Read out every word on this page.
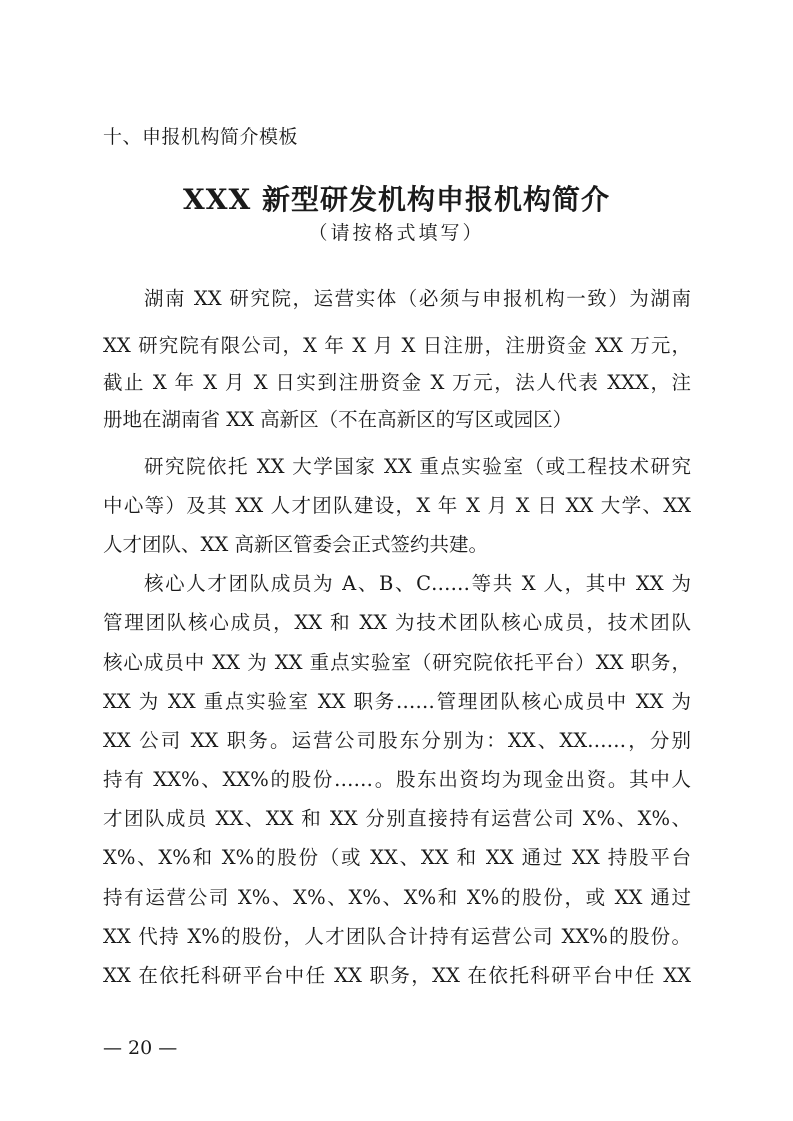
十、申报机构简介模板
XXX 新型研发机构申报机构简介
（请按格式填写）
湖南 XX 研究院，运营实体（必须与申报机构一致）为湖南
XX 研究院有限公司，X 年 X 月 X 日注册，注册资金 XX 万元，
截止 X 年 X 月 X 日实到注册资金 X 万元，法人代表 XXX，注
册地在湖南省 XX 高新区（不在高新区的写区或园区）
研究院依托 XX 大学国家 XX 重点实验室（或工程技术研究
中心等）及其 XX 人才团队建设，X 年 X 月 X 日 XX 大学、XX
人才团队、XX 高新区管委会正式签约共建。
核心人才团队成员为 A、B、C……等共 X 人，其中 XX 为
管理团队核心成员，XX 和 XX 为技术团队核心成员，技术团队
核心成员中 XX 为 XX 重点实验室（研究院依托平台）XX 职务，
XX 为 XX 重点实验室 XX 职务……管理团队核心成员中 XX 为
XX 公司 XX 职务。运营公司股东分别为：XX、XX……，分别
持有 XX%、XX%的股份……。股东出资均为现金出资。其中人
才团队成员 XX、XX 和 XX 分别直接持有运营公司 X%、X%、
X%、X%和 X%的股份（或 XX、XX 和 XX 通过 XX 持股平台
持有运营公司 X%、X%、X%、X%和 X%的股份，或 XX 通过
XX 代持 X%的股份，人才团队合计持有运营公司 XX%的股份。
XX 在依托科研平台中任 XX 职务，XX 在依托科研平台中任 XX
— 20 —
